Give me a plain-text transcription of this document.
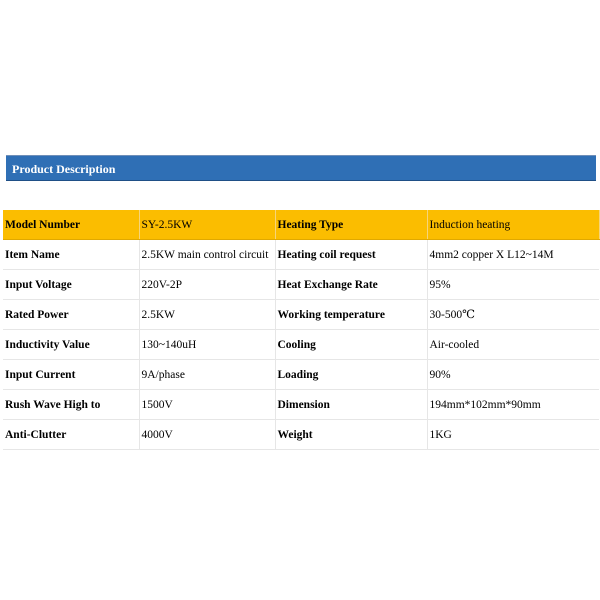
Product Description
Model Number	SY-2.5KW	Heating Type	Induction heating
Item Name	2.5KW main control circuit	Heating coil request	4mm2 copper X L12~14M
Input Voltage	220V-2P	Heat Exchange Rate	95%
Rated Power	2.5KW	Working temperature	30-500℃
Inductivity Value	130~140uH	Cooling	Air-cooled
Input Current	9A/phase	Loading	90%
Rush Wave High to	1500V	Dimension	194mm*102mm*90mm
Anti-Clutter	4000V	Weight	1KG
